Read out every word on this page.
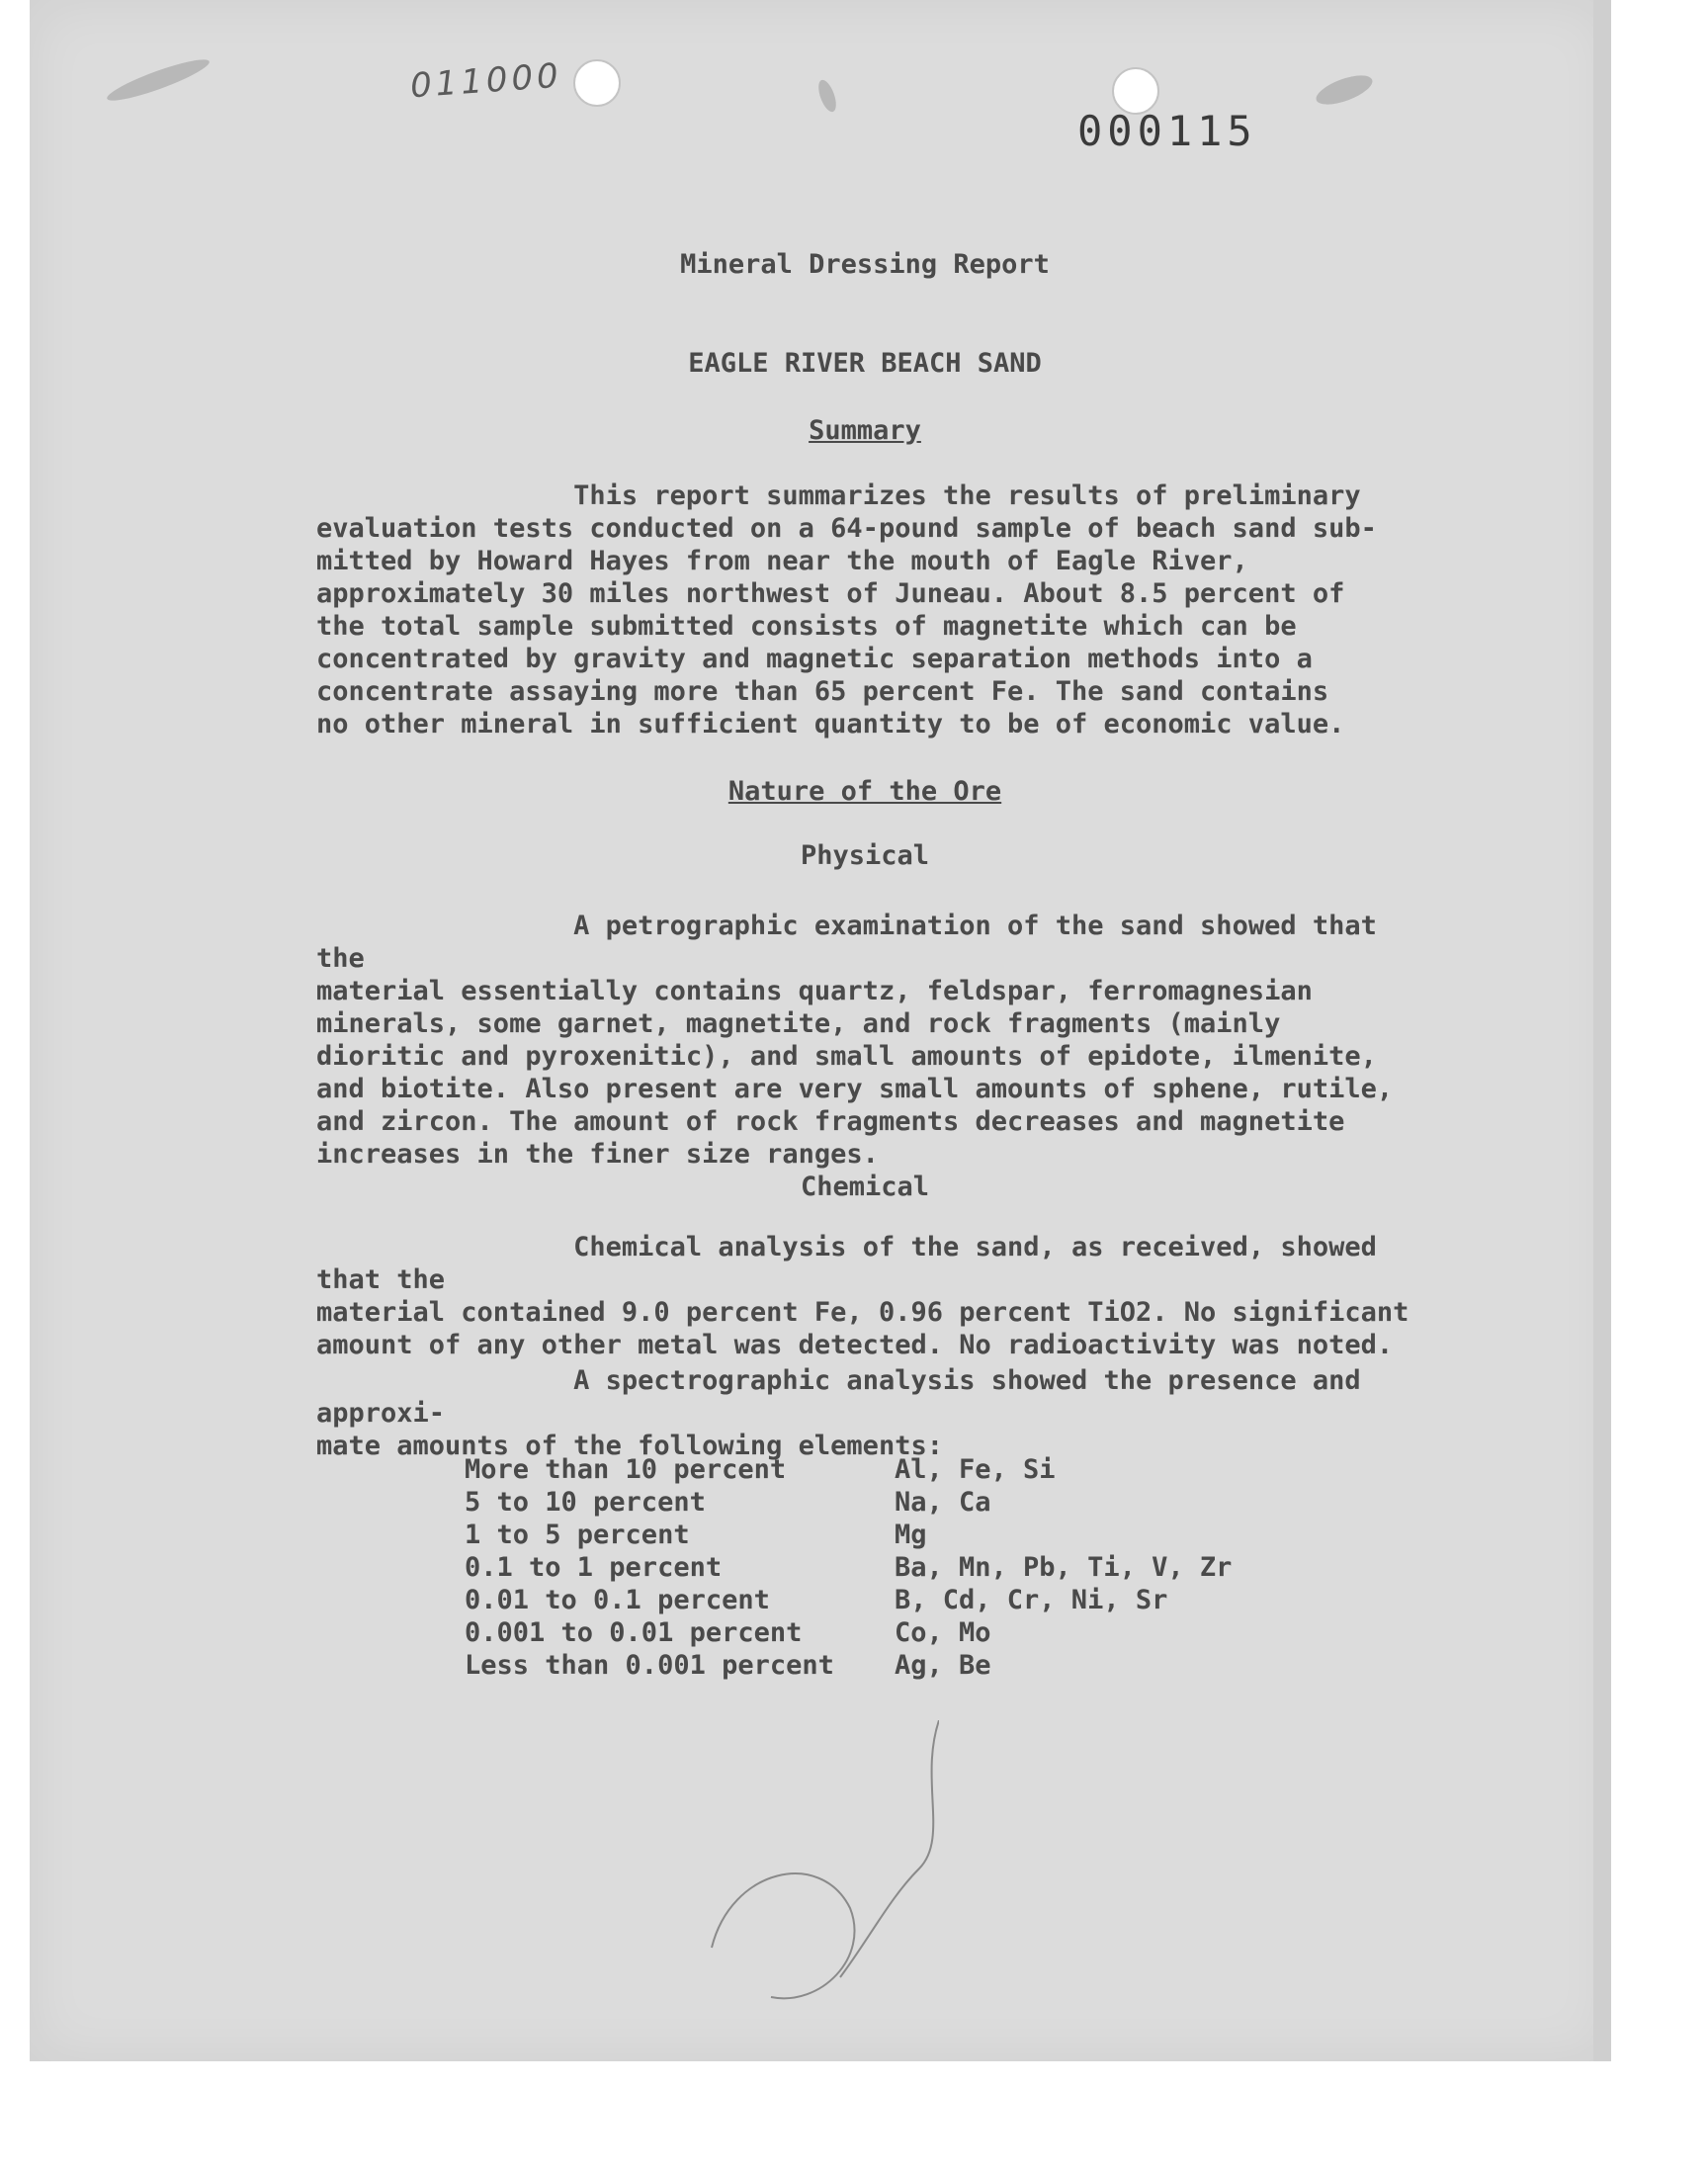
011000
000115
Mineral Dressing Report
EAGLE RIVER BEACH SAND
Summary
		This report summarizes the results of preliminary
evaluation tests conducted on a 64-pound sample of beach sand sub-
mitted by Howard Hayes from near the mouth of Eagle River,
approximately 30 miles northwest of Juneau. About 8.5 percent of
the total sample submitted consists of magnetite which can be
concentrated by gravity and magnetic separation methods into a
concentrate assaying more than 65 percent Fe. The sand contains
no other mineral in sufficient quantity to be of economic value.
Nature of the Ore
Physical
		A petrographic examination of the sand showed that the
material essentially contains quartz, feldspar, ferromagnesian
minerals, some garnet, magnetite, and rock fragments (mainly
dioritic and pyroxenitic), and small amounts of epidote, ilmenite,
and biotite. Also present are very small amounts of sphene, rutile,
and zircon. The amount of rock fragments decreases and magnetite
increases in the finer size ranges.
Chemical
		Chemical analysis of the sand, as received, showed that the
material contained 9.0 percent Fe, 0.96 percent TiO2. No significant
amount of any other metal was detected. No radioactivity was noted.
		A spectrographic analysis showed the presence and approxi-
mate amounts of the following elements:
More than 10 percent	Al, Fe, Si
5 to 10 percent	Na, Ca
1 to 5 percent	Mg
0.1 to 1 percent	Ba, Mn, Pb, Ti, V, Zr
0.01 to 0.1 percent	B, Cd, Cr, Ni, Sr
0.001 to 0.01 percent	Co, Mo
Less than 0.001 percent	Ag, Be
